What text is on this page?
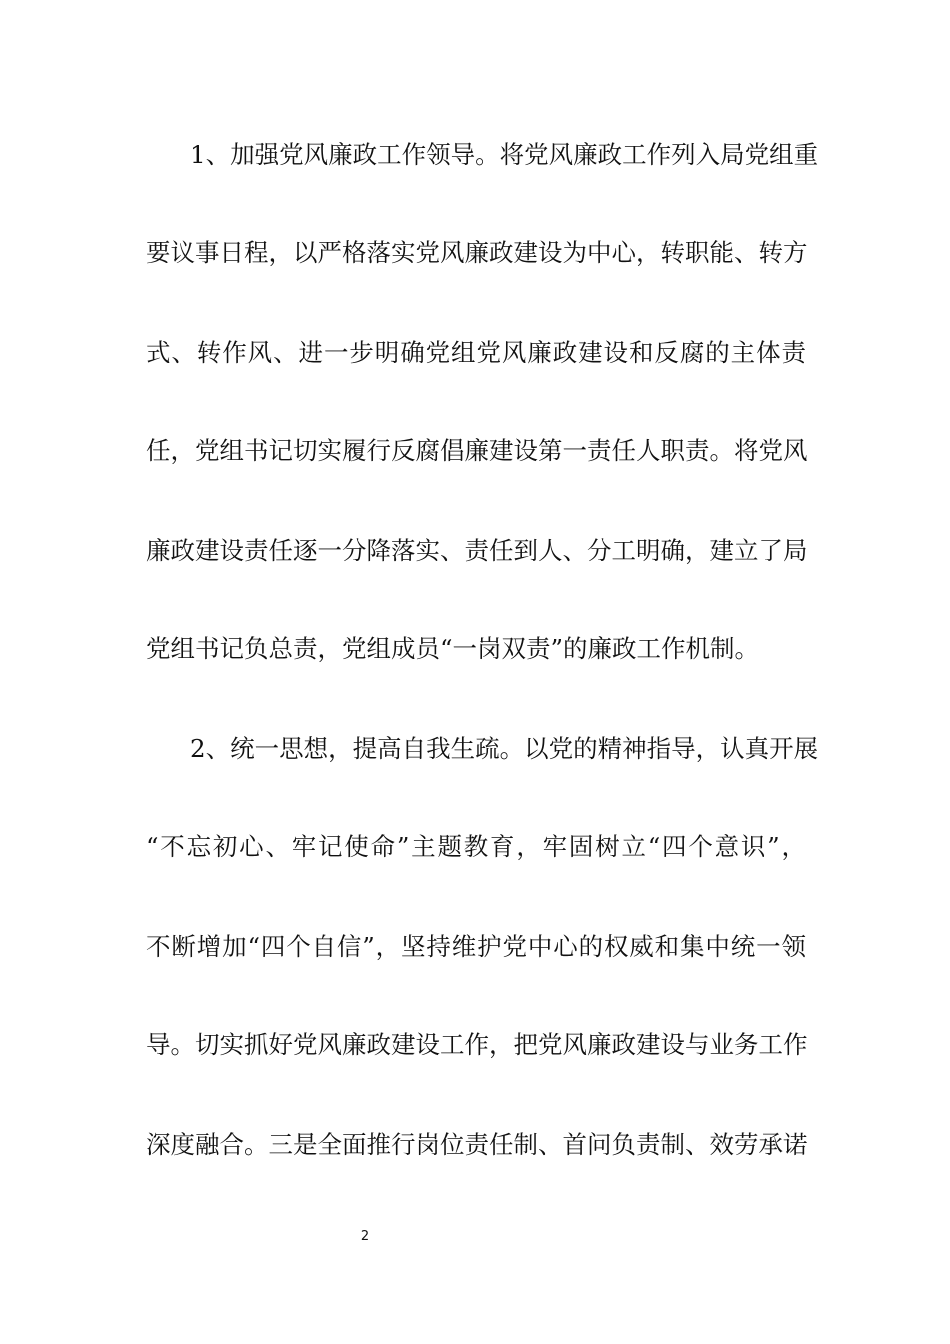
1、加强党风廉政工作领导。将党风廉政工作列入局党组重
要议事日程，以严格落实党风廉政建设为中心，转职能、转方
式、转作风、进一步明确党组党风廉政建设和反腐的主体责
任，党组书记切实履行反腐倡廉建设第一责任人职责。将党风
廉政建设责任逐一分降落实、责任到人、分工明确，建立了局
党组书记负总责，党组成员“一岗双责”的廉政工作机制。
2、统一思想，提高自我生疏。以党的精神指导，认真开展
“不忘初心、牢记使命”主题教育，牢固树立“四个意识”，
不断增加“四个自信”，坚持维护党中心的权威和集中统一领
导。切实抓好党风廉政建设工作，把党风廉政建设与业务工作
深度融合。三是全面推行岗位责任制、首问负责制、效劳承诺
2
